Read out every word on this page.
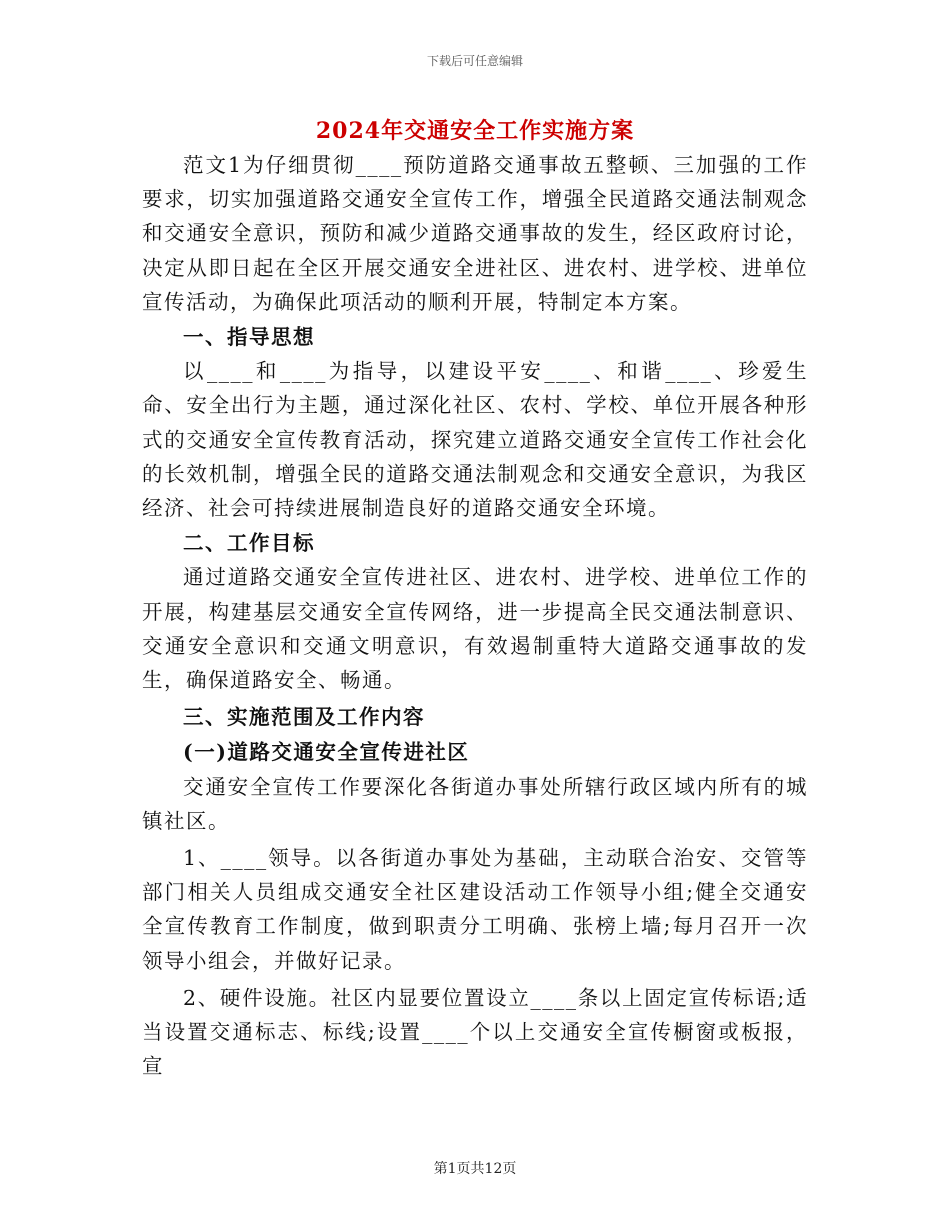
下载后可任意编辑
2024年交通安全工作实施方案

范文1为仔细贯彻____预防道路交通事故五整顿、三加强的工作要求，切实加强道路交通安全宣传工作，增强全民道路交通法制观念和交通安全意识，预防和减少道路交通事故的发生，经区政府讨论，决定从即日起在全区开展交通安全进社区、进农村、进学校、进单位宣传活动，为确保此项活动的顺利开展，特制定本方案。

一、指导思想

以____和____为指导，以建设平安____、和谐____、珍爱生命、安全出行为主题，通过深化社区、农村、学校、单位开展各种形式的交通安全宣传教育活动，探究建立道路交通安全宣传工作社会化的长效机制，增强全民的道路交通法制观念和交通安全意识，为我区经济、社会可持续进展制造良好的道路交通安全环境。

二、工作目标

通过道路交通安全宣传进社区、进农村、进学校、进单位工作的开展，构建基层交通安全宣传网络，进一步提高全民交通法制意识、交通安全意识和交通文明意识，有效遏制重特大道路交通事故的发生，确保道路安全、畅通。

三、实施范围及工作内容

(一)道路交通安全宣传进社区

交通安全宣传工作要深化各街道办事处所辖行政区域内所有的城镇社区。

1、____领导。以各街道办事处为基础，主动联合治安、交管等部门相关人员组成交通安全社区建设活动工作领导小组;健全交通安全宣传教育工作制度，做到职责分工明确、张榜上墙;每月召开一次领导小组会，并做好记录。

2、硬件设施。社区内显要位置设立____条以上固定宣传标语;适当设置交通标志、标线;设置____个以上交通安全宣传橱窗或板报，宣

第1页共12页
